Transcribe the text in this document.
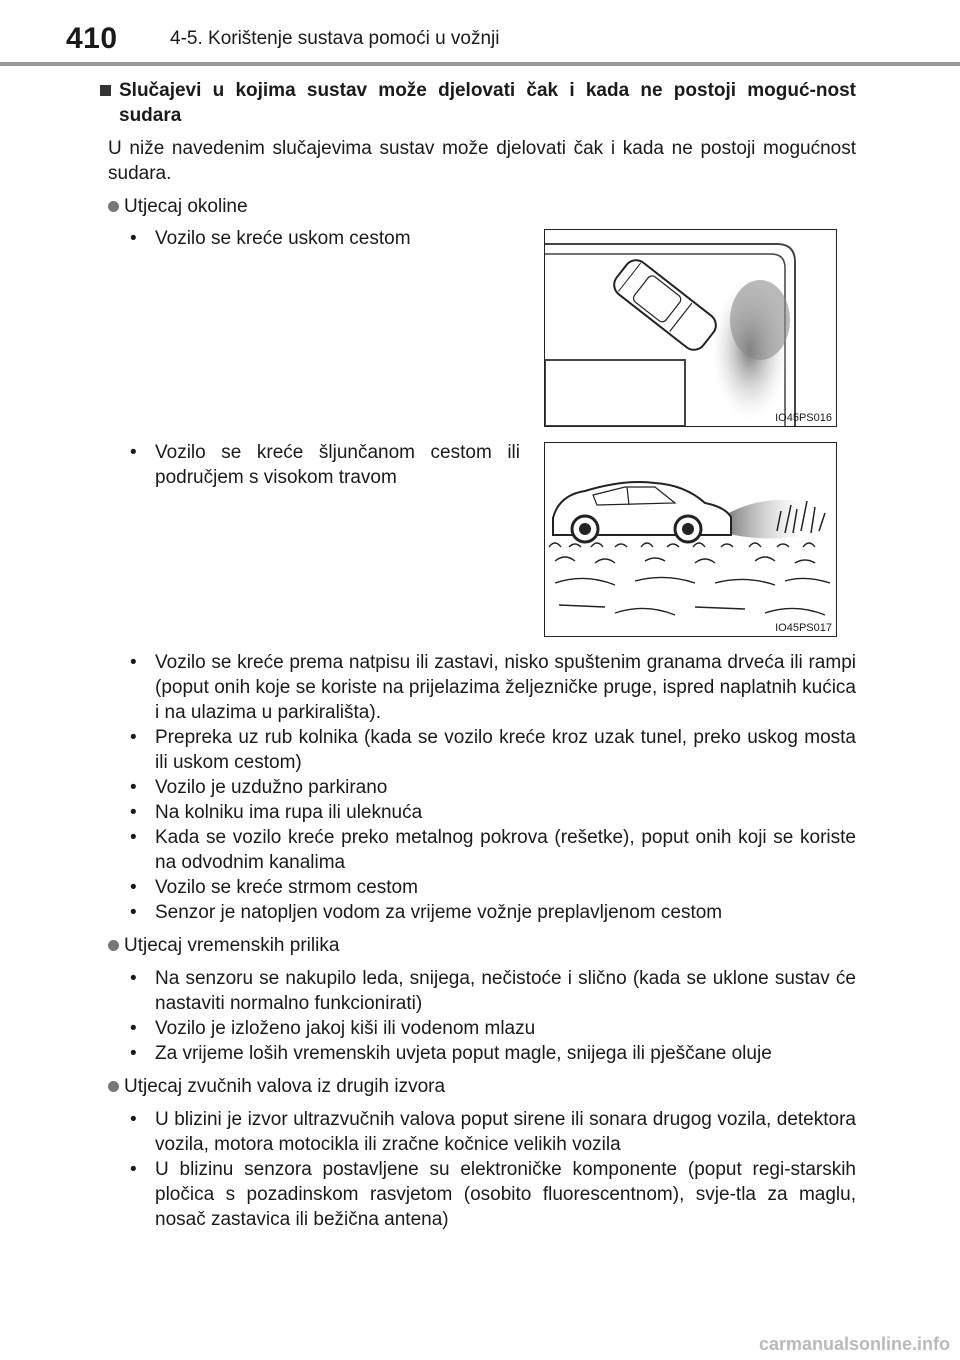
410	4-5. Korištenje sustava pomoći u vožnji
Slučajevi u kojima sustav može djelovati čak i kada ne postoji moguć-nost sudara
U niže navedenim slučajevima sustav može djelovati čak i kada ne postoji mogućnost sudara.
Utjecaj okoline
• Vozilo se kreće uskom cestom
IO45PS016
• Vozilo se kreće šljunčanom cestom ili područjem s visokom travom
IO45PS017
• Vozilo se kreće prema natpisu ili zastavi, nisko spuštenim granama drveća ili rampi (poput onih koje se koriste na prijelazima željezničke pruge, ispred naplatnih kućica i na ulazima u parkirališta).
• Prepreka uz rub kolnika (kada se vozilo kreće kroz uzak tunel, preko uskog mosta ili uskom cestom)
• Vozilo je uzdužno parkirano
• Na kolniku ima rupa ili uleknuća
• Kada se vozilo kreće preko metalnog pokrova (rešetke), poput onih koji se koriste na odvodnim kanalima
• Vozilo se kreće strmom cestom
• Senzor je natopljen vodom za vrijeme vožnje preplavljenom cestom
Utjecaj vremenskih prilika
• Na senzoru se nakupilo leda, snijega, nečistoće i slično (kada se uklone sustav će nastaviti normalno funkcionirati)
• Vozilo je izloženo jakoj kiši ili vodenom mlazu
• Za vrijeme loših vremenskih uvjeta poput magle, snijega ili pješčane oluje
Utjecaj zvučnih valova iz drugih izvora
• U blizini je izvor ultrazvučnih valova poput sirene ili sonara drugog vozila, detektora vozila, motora motocikla ili zračne kočnice velikih vozila
• U blizinu senzora postavljene su elektroničke komponente (poput regi-starskih pločica s pozadinskom rasvjetom (osobito fluorescentnom), svje-tla za maglu, nosač zastavica ili bežična antena)
carmanualsonline.info
